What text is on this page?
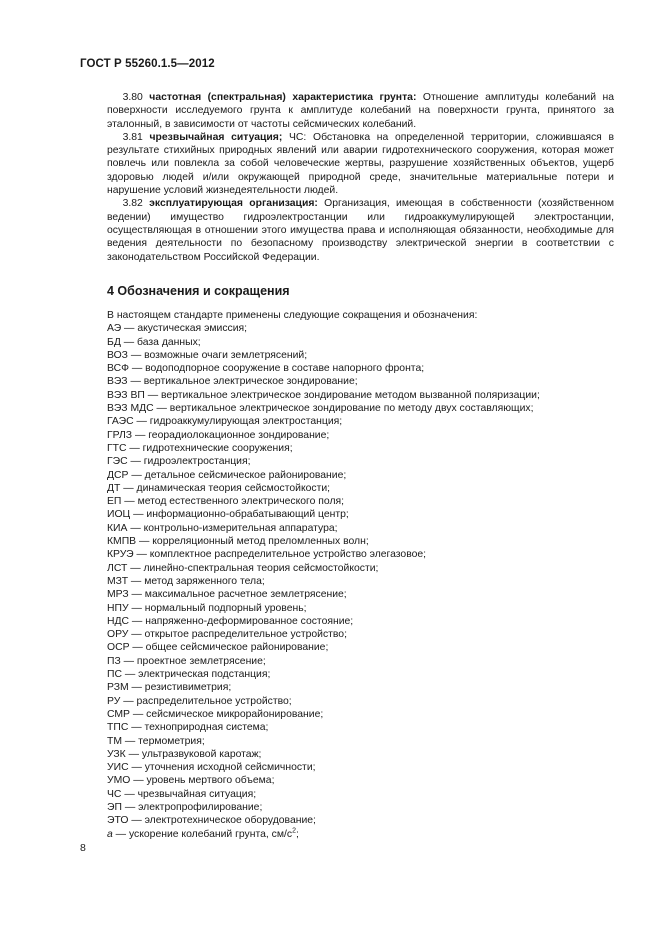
ГОСТ Р 55260.1.5—2012

  3.80 частотная (спектральная) характеристика грунта: Отношение амплитуды колебаний на поверхности исследуемого грунта к амплитуде колебаний на поверхности грунта, принятого за эталонный, в зависимости от частоты сейсмических колебаний.

  3.81 чрезвычайная ситуация; ЧС: Обстановка на определенной территории, сложившаяся в результате стихийных природных явлений или аварии гидротехнического сооружения, которая может повлечь или повлекла за собой человеческие жертвы, разрушение хозяйственных объектов, ущерб здоровью людей и/или окружающей природной среде, значительные материальные потери и нарушение условий жизнедеятельности людей.

  3.82 эксплуатирующая организация: Организация, имеющая в собственности (хозяйственном ведении) имущество гидроэлектростанции или гидроаккумулирующей электростанции, осуществляющая в отношении этого имущества права и исполняющая обязанности, необходимые для ведения деятельности по безопасному производству электрической энергии в соответствии с законодательством Российской Федерации.

4 Обозначения и сокращения

В настоящем стандарте применены следующие сокращения и обозначения:

АЭ — акустическая эмиссия;
БД — база данных;
ВОЗ — возможные очаги землетрясений;
ВСФ — водоподпорное сооружение в составе напорного фронта;
ВЭЗ — вертикальное электрическое зондирование;
ВЭЗ ВП — вертикальное электрическое зондирование методом вызванной поляризации;
ВЭЗ МДС — вертикальное электрическое зондирование по методу двух составляющих;
ГАЭС — гидроаккумулирующая электростанция;
ГРЛЗ — георадиолокационное зондирование;
ГТС — гидротехнические сооружения;
ГЭС — гидроэлектростанция;
ДСР — детальное сейсмическое районирование;
ДТ — динамическая теория сейсмостойкости;
ЕП — метод естественного электрического поля;
ИОЦ — информационно-обрабатывающий центр;
КИА — контрольно-измерительная аппаратура;
КМПВ — корреляционный метод преломленных волн;
КРУЭ — комплектное распределительное устройство элегазовое;
ЛСТ — линейно-спектральная теория сейсмостойкости;
МЗТ — метод заряженного тела;
МРЗ — максимальное расчетное землетрясение;
НПУ — нормальный подпорный уровень;
НДС — напряженно-деформированное состояние;
ОРУ — открытое распределительное устройство;
ОСР — общее сейсмическое районирование;
ПЗ — проектное землетрясение;
ПС — электрическая подстанция;
РЗМ — резистивиметрия;
РУ — распределительное устройство;
СМР — сейсмическое микрорайонирование;
ТПС — техноприродная система;
ТМ — термометрия;
УЗК — ультразвуковой каротаж;
УИС — уточнения исходной сейсмичности;
УМО — уровень мертвого объема;
ЧС — чрезвычайная ситуация;
ЭП — электропрофилирование;
ЭТО — электротехническое оборудование;
a — ускорение колебаний грунта, $см/с^2$;
8
